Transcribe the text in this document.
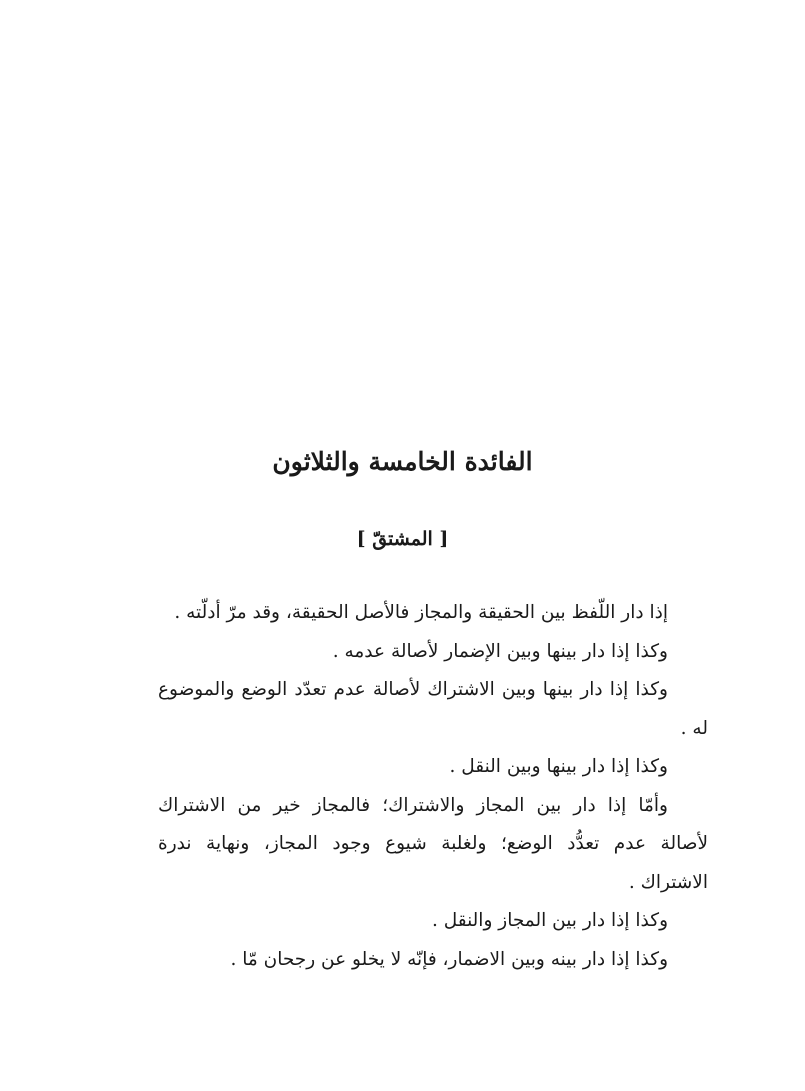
الفائدة الخامسة والثلاثون
[ المشتقّ ]
إذا دار اللّفظ بين الحقيقة والمجاز فالأصل الحقيقة، وقد مرّ أدلّته .
وكذا إذا دار بينها وبين الإضمار لأصالة عدمه .
وكذا إذا دار بينها وبين الاشتراك لأصالة عدم تعدّد الوضع والموضوع
له .
وكذا إذا دار بينها وبين النقل .
وأمّا إذا دار بين المجاز والاشتراك؛ فالمجاز خير من الاشتراك
لأصالة عدم تعدُّد الوضع؛ ولغلبة شيوع وجود المجاز، ونهاية ندرة
الاشتراك .
وكذا إذا دار بين المجاز والنقل .
وكذا إذا دار بينه وبين الاضمار، فإنّه لا يخلو عن رجحان مّا .
